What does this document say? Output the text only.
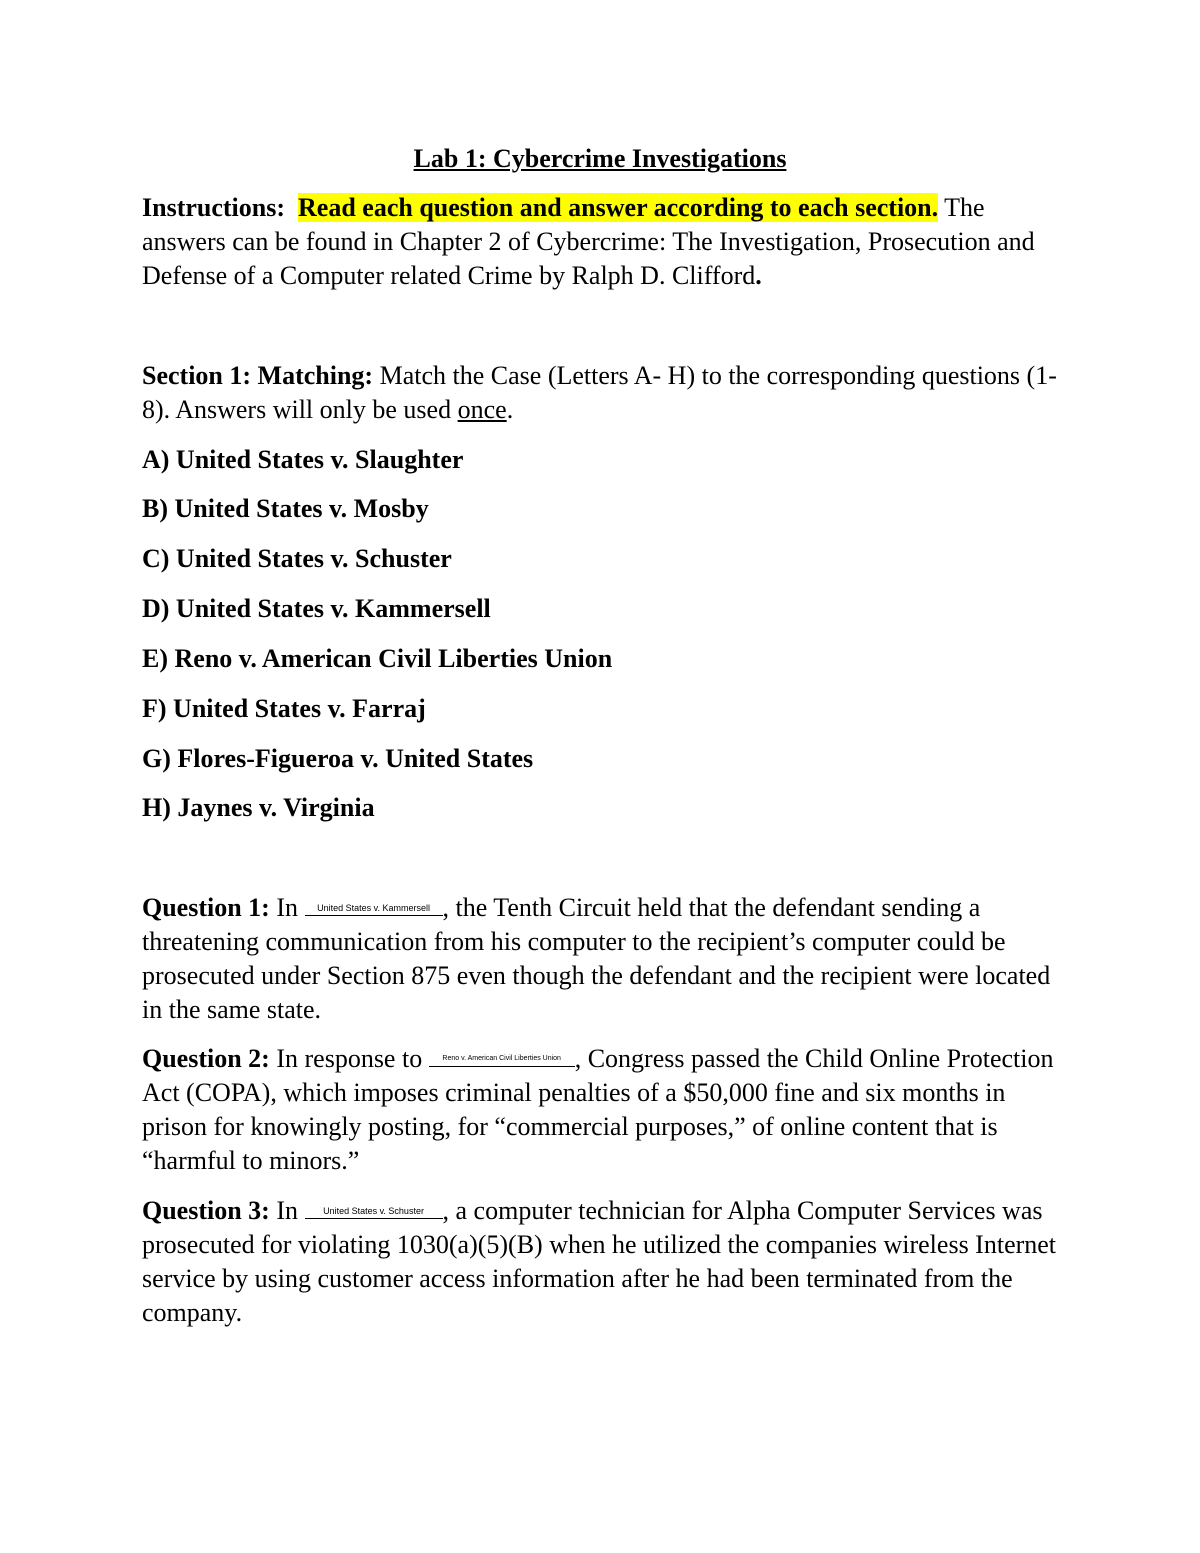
Lab 1: Cybercrime Investigations

Instructions: Read each question and answer according to each section. The answers can be found in Chapter 2 of Cybercrime: The Investigation, Prosecution and Defense of a Computer related Crime by Ralph D. Clifford.

Section 1: Matching: Match the Case (Letters A- H) to the corresponding questions (1-8). Answers will only be used once.

A) United States v. Slaughter
B) United States v. Mosby
C) United States v. Schuster
D) United States v. Kammersell
E) Reno v. American Civil Liberties Union
F) United States v. Farraj
G) Flores-Figueroa v. United States
H) Jaynes v. Virginia

Question 1: In	United States v. Kammersell , the Tenth Circuit held that the defendant sending a threatening communication from his computer to the recipient’s computer could be prosecuted under Section 875 even though the defendant and the recipient were located in the same state.

Question 2: In response to	Reno v. American Civil Liberties Union , Congress passed the Child Online Protection Act (COPA), which imposes criminal penalties of a $50,000 fine and six months in prison for knowingly posting, for “commercial purposes,” of online content that is “harmful to minors.”

Question 3: In	United States v. Schuster , a computer technician for Alpha Computer Services was prosecuted for violating 1030(a)(5)(B) when he utilized the companies wireless Internet service by using customer access information after he had been terminated from the company.
